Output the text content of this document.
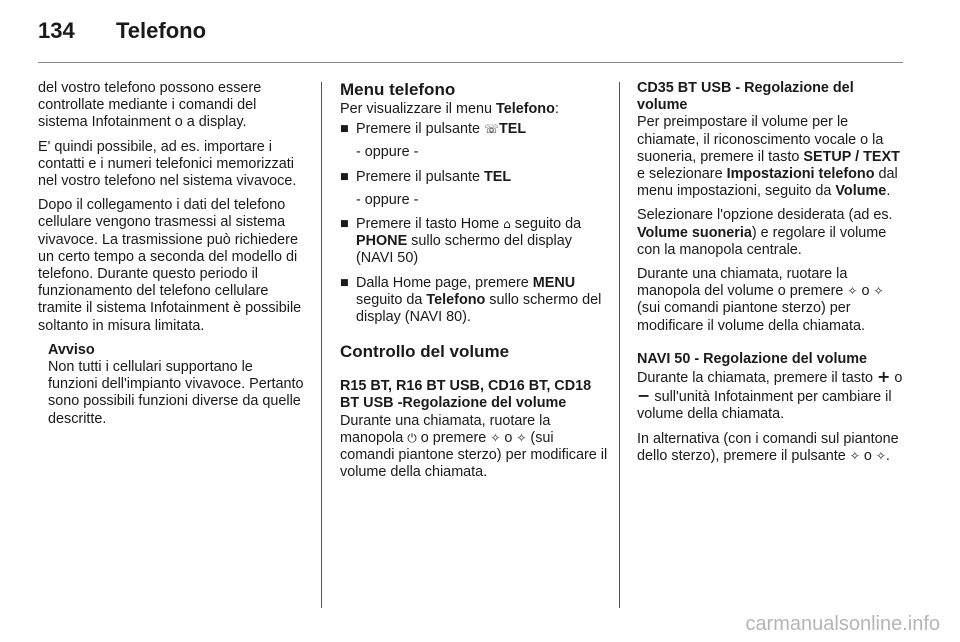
134 Telefono

del vostro telefono possono essere controllate mediante i comandi del sistema Infotainment o a display.

E' quindi possibile, ad es. importare i contatti e i numeri telefonici memorizzati nel vostro telefono nel sistema vivavoce.

Dopo il collegamento i dati del telefono cellulare vengono trasmessi al sistema vivavoce. La trasmissione può richiedere un certo tempo a seconda del modello di telefono. Durante questo periodo il funzionamento del telefono cellulare tramite il sistema Infotainment è possibile soltanto in misura limitata.

Avviso
Non tutti i cellulari supportano le funzioni dell'impianto vivavoce. Pertanto sono possibili funzioni diverse da quelle descritte.
Menu telefono

Per visualizzare il menu Telefono:

■ Premere il pulsante ☏TEL
- oppure -
■ Premere il pulsante TEL
- oppure -
■ Premere il tasto Home ⌂ seguito da PHONE sullo schermo del display (NAVI 50)
■ Dalla Home page, premere MENU seguito da Telefono sullo schermo del display (NAVI 80).
Controllo del volume
R15 BT, R16 BT USB, CD16 BT, CD18 BT USB -Regolazione del volume

Durante una chiamata, ruotare la manopola ⏻ o premere ✧ o ✧ (sui comandi piantone sterzo) per modificare il volume della chiamata.

CD35 BT USB - Regolazione del volume

Per preimpostare il volume per le chiamate, il riconoscimento vocale o la suoneria, premere il tasto SETUP / TEXT e selezionare Impostazioni telefono dal menu impostazioni, seguito da Volume.

Selezionare l'opzione desiderata (ad es. Volume suoneria) e regolare il volume con la manopola centrale.

Durante una chiamata, ruotare la manopola del volume o premere ✧ o ✧ (sui comandi piantone sterzo) per modificare il volume della chiamata.

NAVI 50 - Regolazione del volume

Durante la chiamata, premere il tasto + o − sull'unità Infotainment per cambiare il volume della chiamata.

In alternativa (con i comandi sul piantone dello sterzo), premere il pulsante ✧ o ✧.

carmanualsonline.info
